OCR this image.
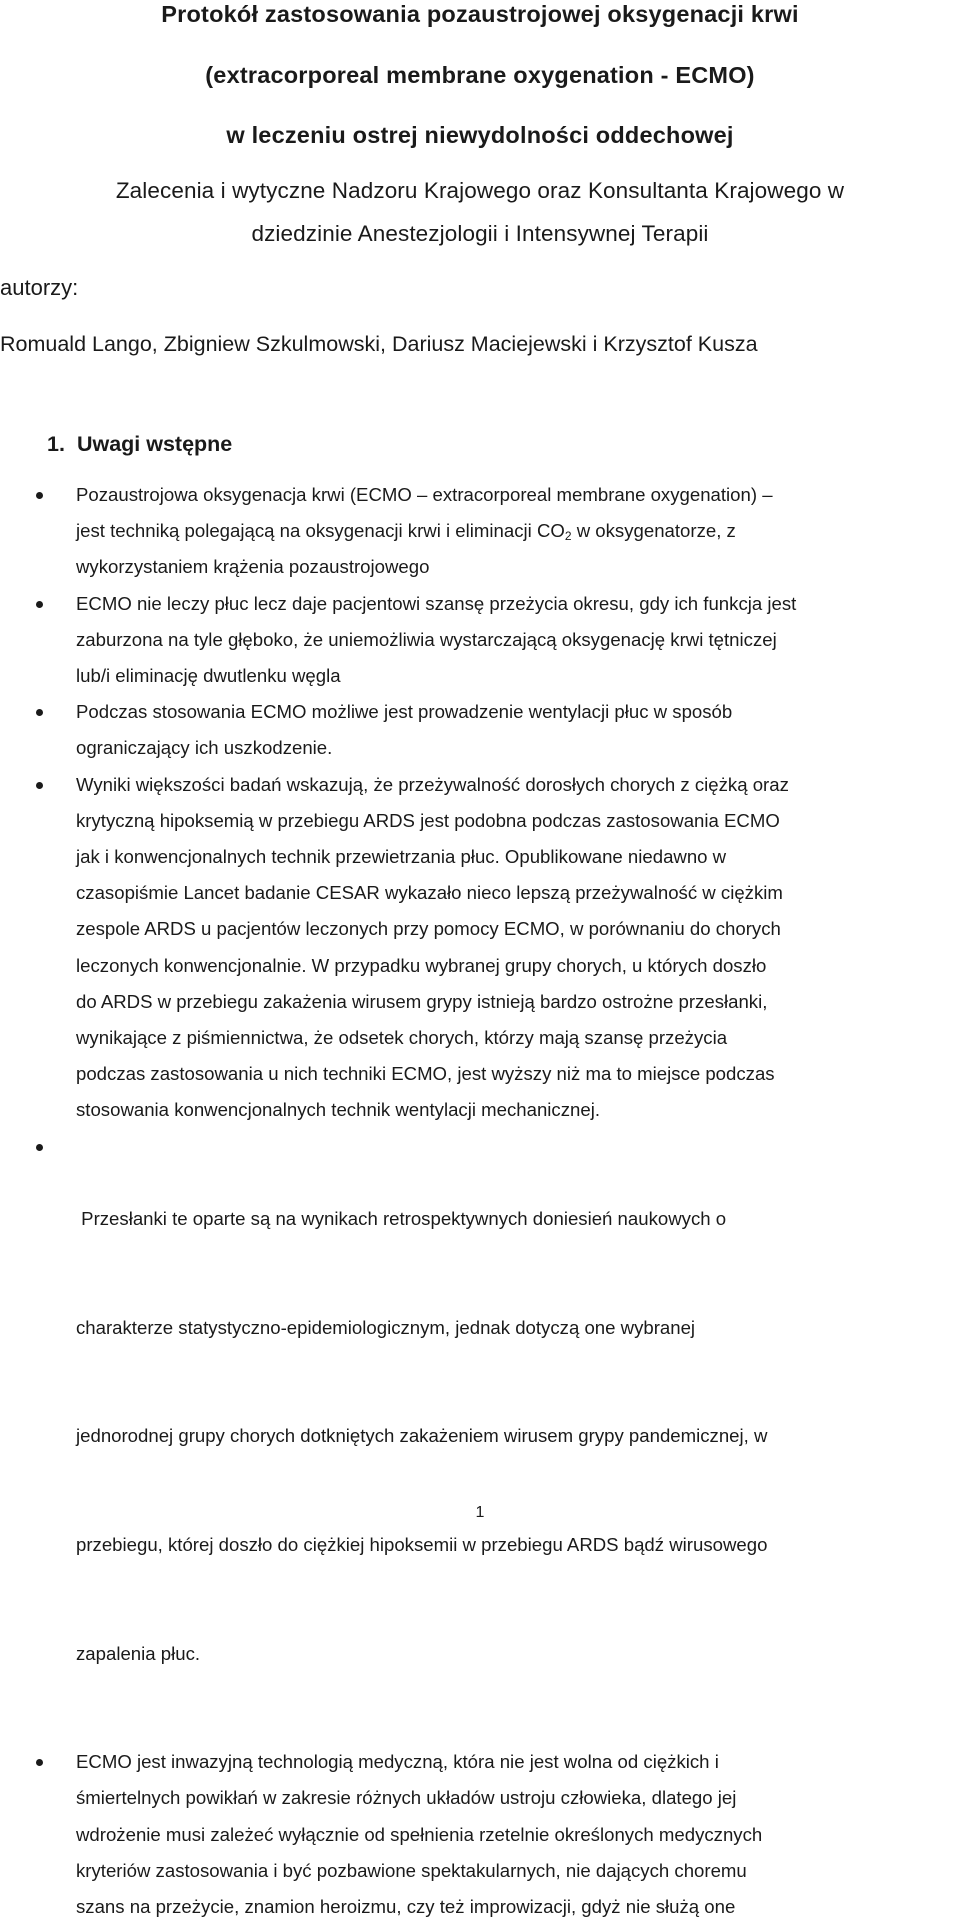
Protokół zastosowania pozaustrojowej oksygenacji krwi
(extracorporeal membrane oxygenation - ECMO)
w leczeniu ostrej niewydolności oddechowej
Zalecenia i wytyczne Nadzoru Krajowego oraz Konsultanta Krajowego w
dziedzinie Anestezjologii i Intensywnej Terapii
autorzy:
Romuald Lango, Zbigniew Szkulmowski, Dariusz Maciejewski i Krzysztof Kusza
1. Uwagi wstępne
Pozaustrojowa oksygenacja krwi (ECMO – extracorporeal membrane oxygenation) –
jest techniką polegającą na oksygenacji krwi i eliminacji $CO_2$ w oksygenatorze, z
wykorzystaniem krążenia pozaustrojowego
ECMO nie leczy płuc lecz daje pacjentowi szansę przeżycia okresu, gdy ich funkcja jest
zaburzona na tyle głęboko, że uniemożliwia wystarczającą oksygenację krwi tętniczej
lub/i eliminację dwutlenku węgla
Podczas stosowania ECMO możliwe jest prowadzenie wentylacji płuc w sposób
ograniczający ich uszkodzenie.
Wyniki większości badań wskazują, że przeżywalność dorosłych chorych z ciężką oraz
krytyczną hipoksemią w przebiegu ARDS jest podobna podczas zastosowania ECMO
jak i konwencjonalnych technik przewietrzania płuc. Opublikowane niedawno w
czasopiśmie Lancet badanie CESAR wykazało nieco lepszą przeżywalność w ciężkim
zespole ARDS u pacjentów leczonych przy pomocy ECMO, w porównaniu do chorych
leczonych konwencjonalnie. W przypadku wybranej grupy chorych, u których doszło
do ARDS w przebiegu zakażenia wirusem grypy istnieją bardzo ostrożne przesłanki,
wynikające z piśmiennictwa, że odsetek chorych, którzy mają szansę przeżycia
podczas zastosowania u nich techniki ECMO, jest wyższy niż ma to miejsce podczas
stosowania konwencjonalnych technik wentylacji mechanicznej.

Przesłanki te oparte są na wynikach retrospektywnych doniesień naukowych o

charakterze statystyczno-epidemiologicznym, jednak dotyczą one wybranej

jednorodnej grupy chorych dotkniętych zakażeniem wirusem grypy pandemicznej, w

przebiegu, której doszło do ciężkiej hipoksemii w przebiegu ARDS bądź wirusowego

zapalenia płuc.

ECMO jest inwazyjną technologią medyczną, która nie jest wolna od ciężkich i
śmiertelnych powikłań w zakresie różnych układów ustroju człowieka, dlatego jej
wdrożenie musi zależeć wyłącznie od spełnienia rzetelnie określonych medycznych
kryteriów zastosowania i być pozbawione spektakularnych, nie dających choremu
szans na przeżycie, znamion heroizmu, czy też improwizacji, gdyż nie służą one
1
